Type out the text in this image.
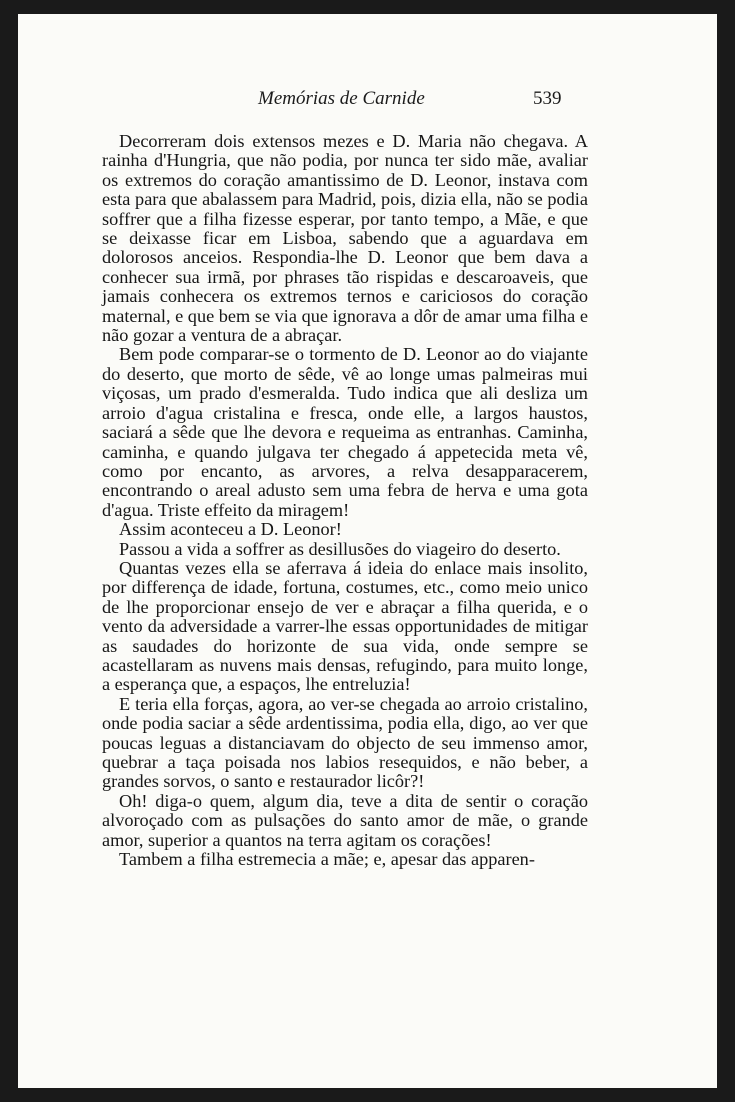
Memórias de Carnide	539

Decorreram dois extensos mezes e D. Maria não chegava. A rainha d'Hungria, que não podia, por nunca ter sido mãe, avaliar os extremos do coração amantissimo de D. Leonor, instava com esta para que abalassem para Madrid, pois, dizia ella, não se podia soffrer que a filha fizesse esperar, por tanto tempo, a Mãe, e que se deixasse ficar em Lisboa, sabendo que a aguardava em dolorosos anceios. Respondia-lhe D. Leonor que bem dava a conhecer sua irmã, por phrases tão rispidas e descaroaveis, que jamais conhecera os extremos ternos e cariciosos do coração maternal, e que bem se via que ignorava a dôr de amar uma filha e não gozar a ventura de a abraçar.

Bem pode comparar-se o tormento de D. Leonor ao do viajante do deserto, que morto de sêde, vê ao longe umas palmeiras mui viçosas, um prado d'esmeralda. Tudo indica que ali desliza um arroio d'agua cristalina e fresca, onde elle, a largos haustos, saciará a sêde que lhe devora e requeima as entranhas. Caminha, caminha, e quando julgava ter chegado á appetecida meta vê, como por encanto, as arvores, a relva desapparacerem, encontrando o areal adusto sem uma febra de herva e uma gota d'agua. Triste effeito da miragem!

Assim aconteceu a D. Leonor!

Passou a vida a soffrer as desillusões do viageiro do deserto.

Quantas vezes ella se aferrava á ideia do enlace mais insolito, por differença de idade, fortuna, costumes, etc., como meio unico de lhe proporcionar ensejo de ver e abraçar a filha querida, e o vento da adversidade a varrer-lhe essas opportunidades de mitigar as saudades do horizonte de sua vida, onde sempre se acastellaram as nuvens mais densas, refugindo, para muito longe, a esperança que, a espaços, lhe entreluzia!

E teria ella forças, agora, ao ver-se chegada ao arroio cristalino, onde podia saciar a sêde ardentissima, podia ella, digo, ao ver que poucas leguas a distanciavam do objecto de seu immenso amor, quebrar a taça poisada nos labios resequidos, e não beber, a grandes sorvos, o santo e restaurador licôr?!

Oh! diga-o quem, algum dia, teve a dita de sentir o coração alvoroçado com as pulsações do santo amor de mãe, o grande amor, superior a quantos na terra agitam os corações!

Tambem a filha estremecia a mãe; e, apesar das apparen-
